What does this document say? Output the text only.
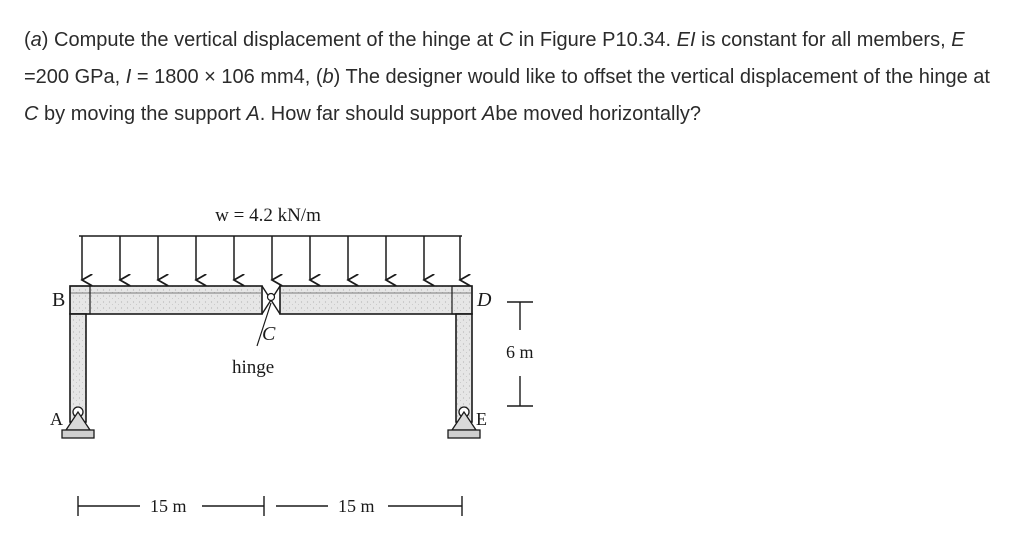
(a) Compute the vertical displacement of the hinge at C in Figure P10.34. EI is constant for all members, E =200 GPa, I = 1800 × 106 mm4, (b) The designer would like to offset the vertical displacement of the hinge at C by moving the support A. How far should support Abe moved horizontally?

w = 4.2 kN/m
B	D
C
hinge
A	E
6 m
15 m	15 m
